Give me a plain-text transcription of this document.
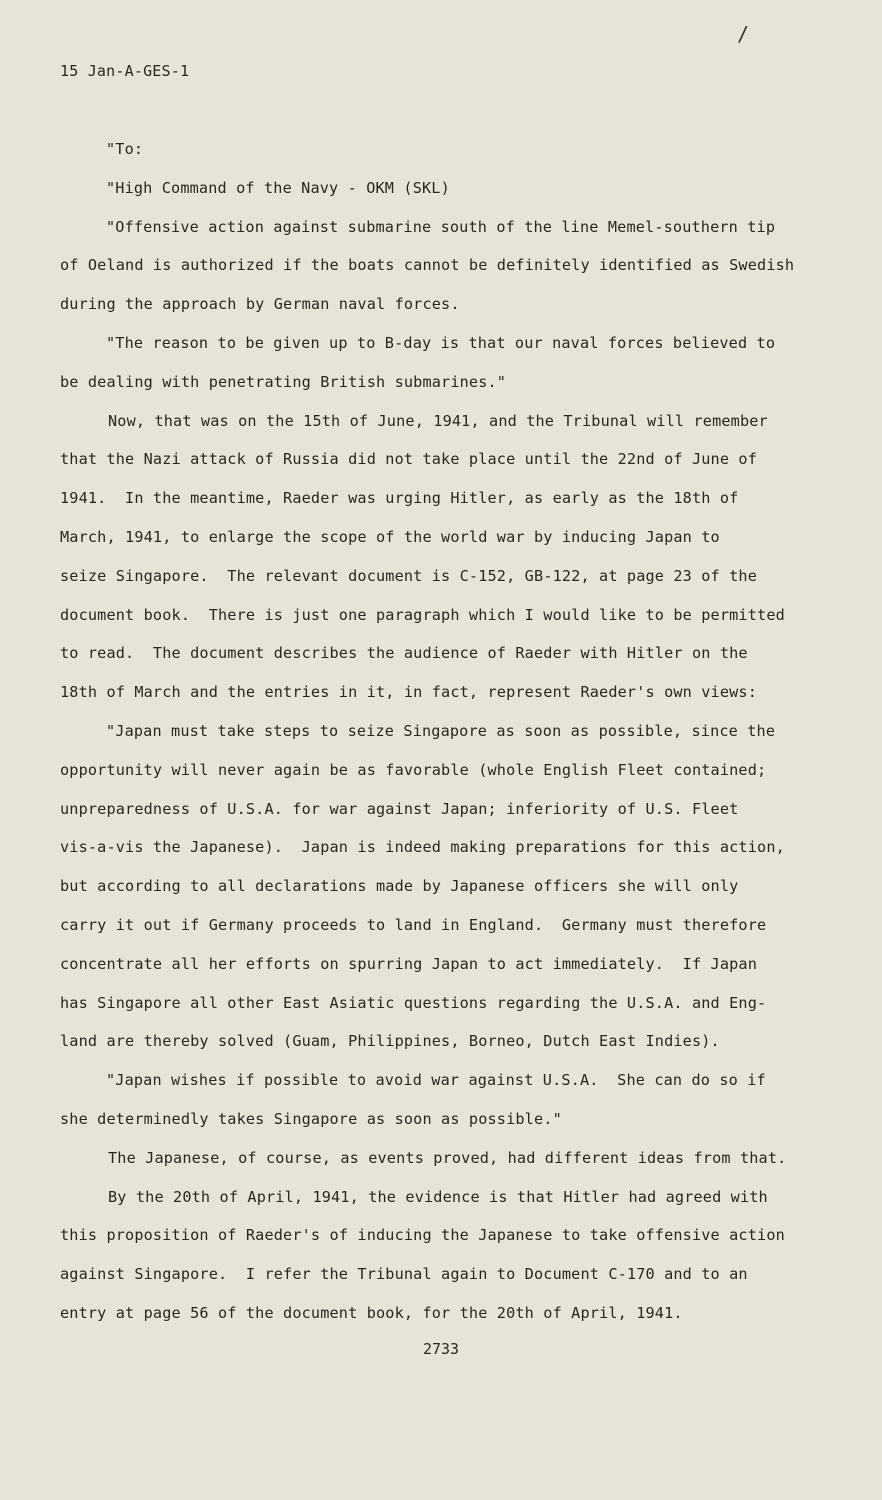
/
15 Jan-A-GES-1
"To:
"High Command of the Navy - OKM (SKL)
"Offensive action against submarine south of the line Memel-southern tip
of Oeland is authorized if the boats cannot be definitely identified as Swedish
during the approach by German naval forces.
"The reason to be given up to B-day is that our naval forces believed to
be dealing with penetrating British submarines."
Now, that was on the 15th of June, 1941, and the Tribunal will remember
that the Nazi attack of Russia did not take place until the 22nd of June of
1941.  In the meantime, Raeder was urging Hitler, as early as the 18th of
March, 1941, to enlarge the scope of the world war by inducing Japan to
seize Singapore.  The relevant document is C-152, GB-122, at page 23 of the
document book.  There is just one paragraph which I would like to be permitted
to read.  The document describes the audience of Raeder with Hitler on the
18th of March and the entries in it, in fact, represent Raeder's own views:
"Japan must take steps to seize Singapore as soon as possible, since the
opportunity will never again be as favorable (whole English Fleet contained;
unpreparedness of U.S.A. for war against Japan; inferiority of U.S. Fleet
vis-a-vis the Japanese).  Japan is indeed making preparations for this action,
but according to all declarations made by Japanese officers she will only
carry it out if Germany proceeds to land in England.  Germany must therefore
concentrate all her efforts on spurring Japan to act immediately.  If Japan
has Singapore all other East Asiatic questions regarding the U.S.A. and Eng-
land are thereby solved (Guam, Philippines, Borneo, Dutch East Indies).
"Japan wishes if possible to avoid war against U.S.A.  She can do so if
she determinedly takes Singapore as soon as possible."
The Japanese, of course, as events proved, had different ideas from that.
By the 20th of April, 1941, the evidence is that Hitler had agreed with
this proposition of Raeder's of inducing the Japanese to take offensive action
against Singapore.  I refer the Tribunal again to Document C-170 and to an
entry at page 56 of the document book, for the 20th of April, 1941.
2733
